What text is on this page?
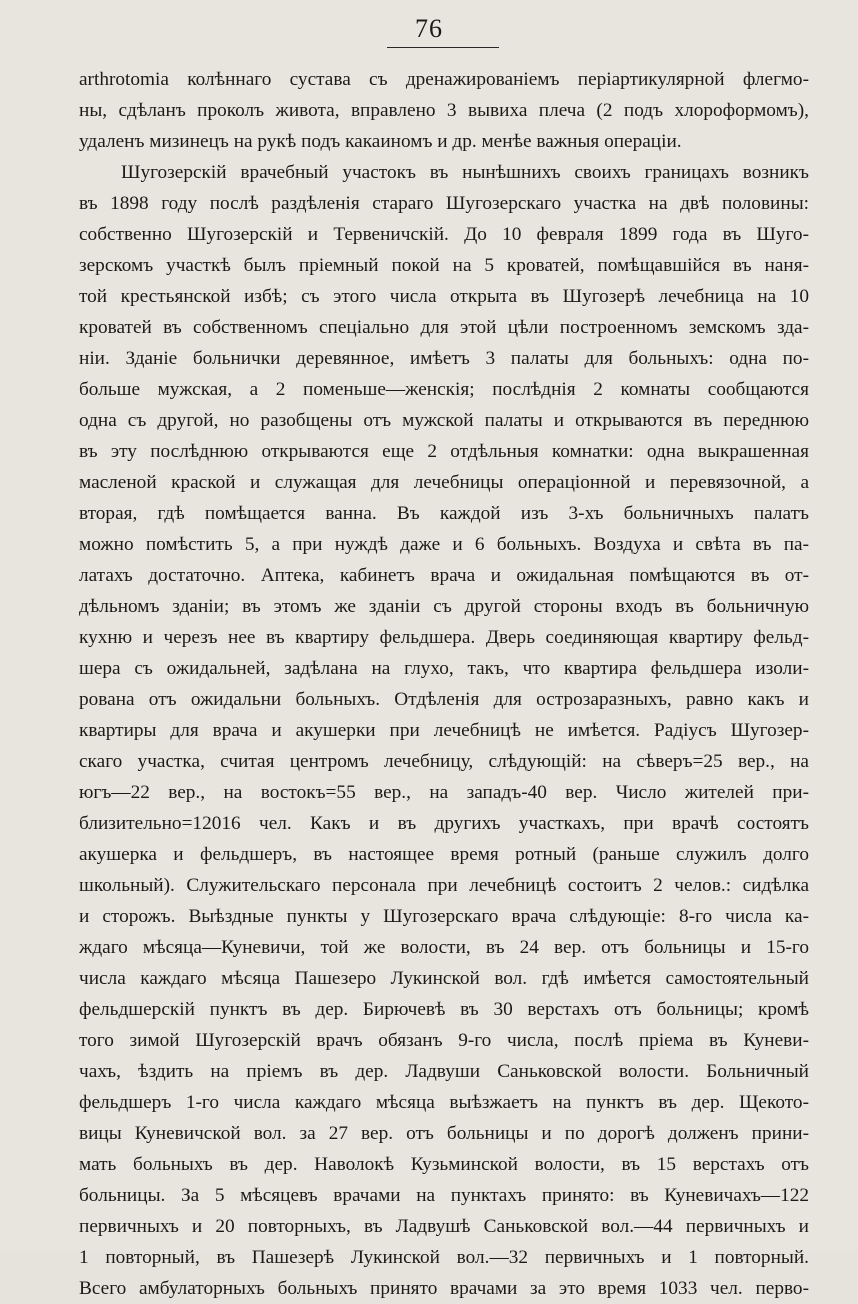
76
arthrotomia колѣннаго сустава съ дренажированіемъ періартикулярной флегмо-
ны, сдѣланъ проколъ живота, вправлено 3 вывиха плеча (2 подъ хлороформомъ),
удаленъ мизинецъ на рукѣ подъ какаиномъ и др. менѣе важныя операціи.
Шугозерскій врачебный участокъ въ нынѣшнихъ своихъ границахъ возникъ
въ 1898 году послѣ раздѣленія стараго Шугозерскаго участка на двѣ половины:
собственно Шугозерскій и Тервеничскій. До 10 февраля 1899 года въ Шуго-
зерскомъ участкѣ былъ пріемный покой на 5 кроватей, помѣщавшійся въ наня-
той крестьянской избѣ; съ этого числа открыта въ Шугозерѣ лечебница на 10
кроватей въ собственномъ спеціально для этой цѣли построенномъ земскомъ зда-
ніи. Зданіе больнички деревянное, имѣетъ 3 палаты для больныхъ: одна по-
больше мужская, а 2 поменьше—женскія; послѣднія 2 комнаты сообщаются
одна съ другой, но разобщены отъ мужской палаты и открываются въ переднюю
въ эту послѣднюю открываются еще 2 отдѣльныя комнатки: одна выкрашенная
масленой краской и служащая для лечебницы операціонной и перевязочной, а
вторая, гдѣ помѣщается ванна. Въ каждой изъ 3-хъ больничныхъ палатъ
можно помѣстить 5, а при нуждѣ даже и 6 больныхъ. Воздуха и свѣта въ па-
латахъ достаточно. Аптека, кабинетъ врача и ожидальная помѣщаются въ от-
дѣльномъ зданіи; въ этомъ же зданіи съ другой стороны входъ въ больничную
кухню и черезъ нее въ квартиру фельдшера. Дверь соединяющая квартиру фельд-
шера съ ожидальней, задѣлана на глухо, такъ, что квартира фельдшера изоли-
рована отъ ожидальни больныхъ. Отдѣленія для острозаразныхъ, равно какъ и
квартиры для врача и акушерки при лечебницѣ не имѣется. Радіусъ Шугозер-
скаго участка, считая центромъ лечебницу, слѣдующій: на сѣверъ=25 вер., на
югъ—22 вер., на востокъ=55 вер., на западъ-40 вер. Число жителей при-
близительно=12016 чел. Какъ и въ другихъ участкахъ, при врачѣ состоятъ
акушерка и фельдшеръ, въ настоящее время ротный (раньше служилъ долго
школьный). Служительскаго персонала при лечебницѣ состоитъ 2 челов.: сидѣлка
и сторожъ. Выѣздные пункты у Шугозерскаго врача слѣдующіе: 8-го числа ка-
ждаго мѣсяца—Куневичи, той же волости, въ 24 вер. отъ больницы и 15-го
числа каждаго мѣсяца Пашезеро Лукинской вол. гдѣ имѣется самостоятельный
фельдшерскій пунктъ въ дер. Бирючевѣ въ 30 верстахъ отъ больницы; кромѣ
того зимой Шугозерскій врачъ обязанъ 9-го числа, послѣ пріема въ Куневи-
чахъ, ѣздить на пріемъ въ дер. Ладвуши Саньковской волости. Больничный
фельдшеръ 1-го числа каждаго мѣсяца выѣзжаетъ на пунктъ въ дер. Щекото-
вицы Куневичской вол. за 27 вер. отъ больницы и по дорогѣ долженъ прини-
мать больныхъ въ дер. Наволокѣ Кузьминской волости, въ 15 верстахъ отъ
больницы. За 5 мѣсяцевъ врачами на пунктахъ принято: въ Куневичахъ—122
первичныхъ и 20 повторныхъ, въ Ладвушѣ Саньковской вол.—44 первичныхъ и
1 повторный, въ Пашезерѣ Лукинской вол.—32 первичныхъ и 1 повторный.
Всего амбулаторныхъ больныхъ принято врачами за это время 1033 чел. перво-
